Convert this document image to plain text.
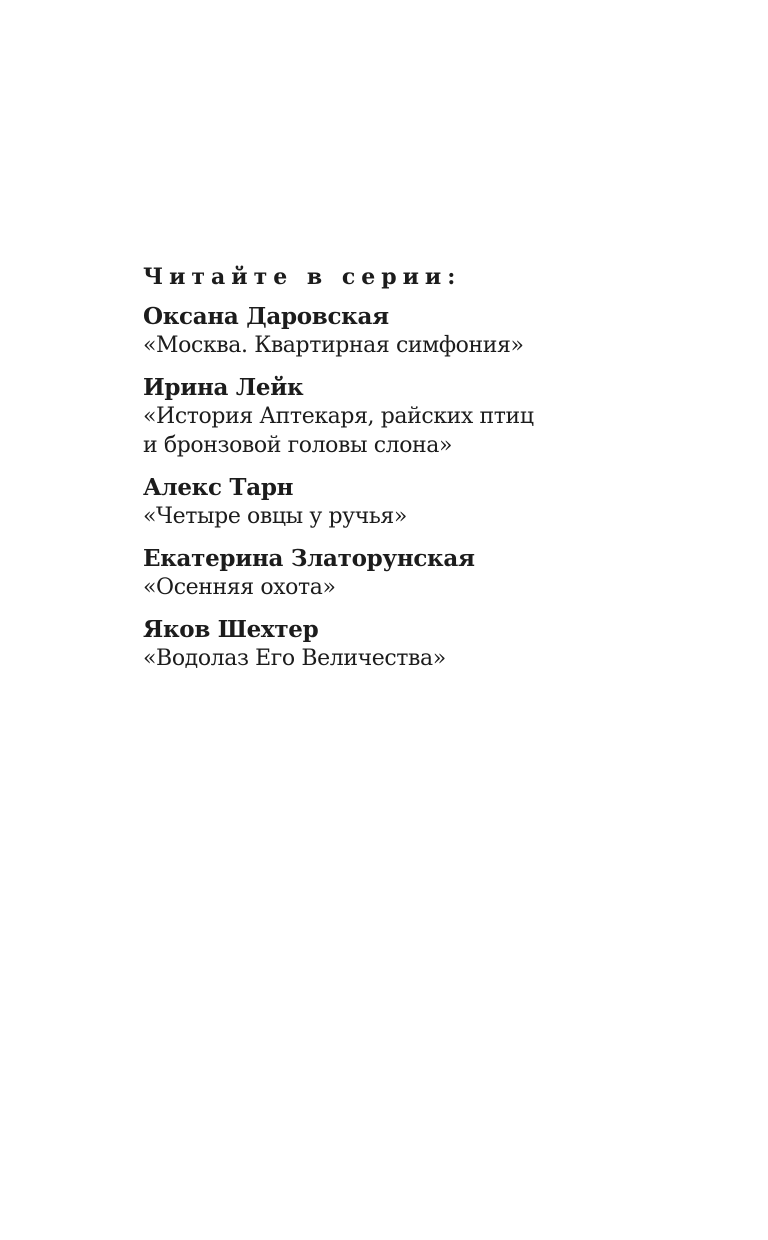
Читайте в серии:
Оксана Даровская
«Москва. Квартирная симфония»
Ирина Лейк
«История Аптекаря, райских птиц
и бронзовой головы слона»
Алекс Тарн
«Четыре овцы у ручья»
Екатерина Златорунская
«Осенняя охота»
Яков Шехтер
«Водолаз Его Величества»
